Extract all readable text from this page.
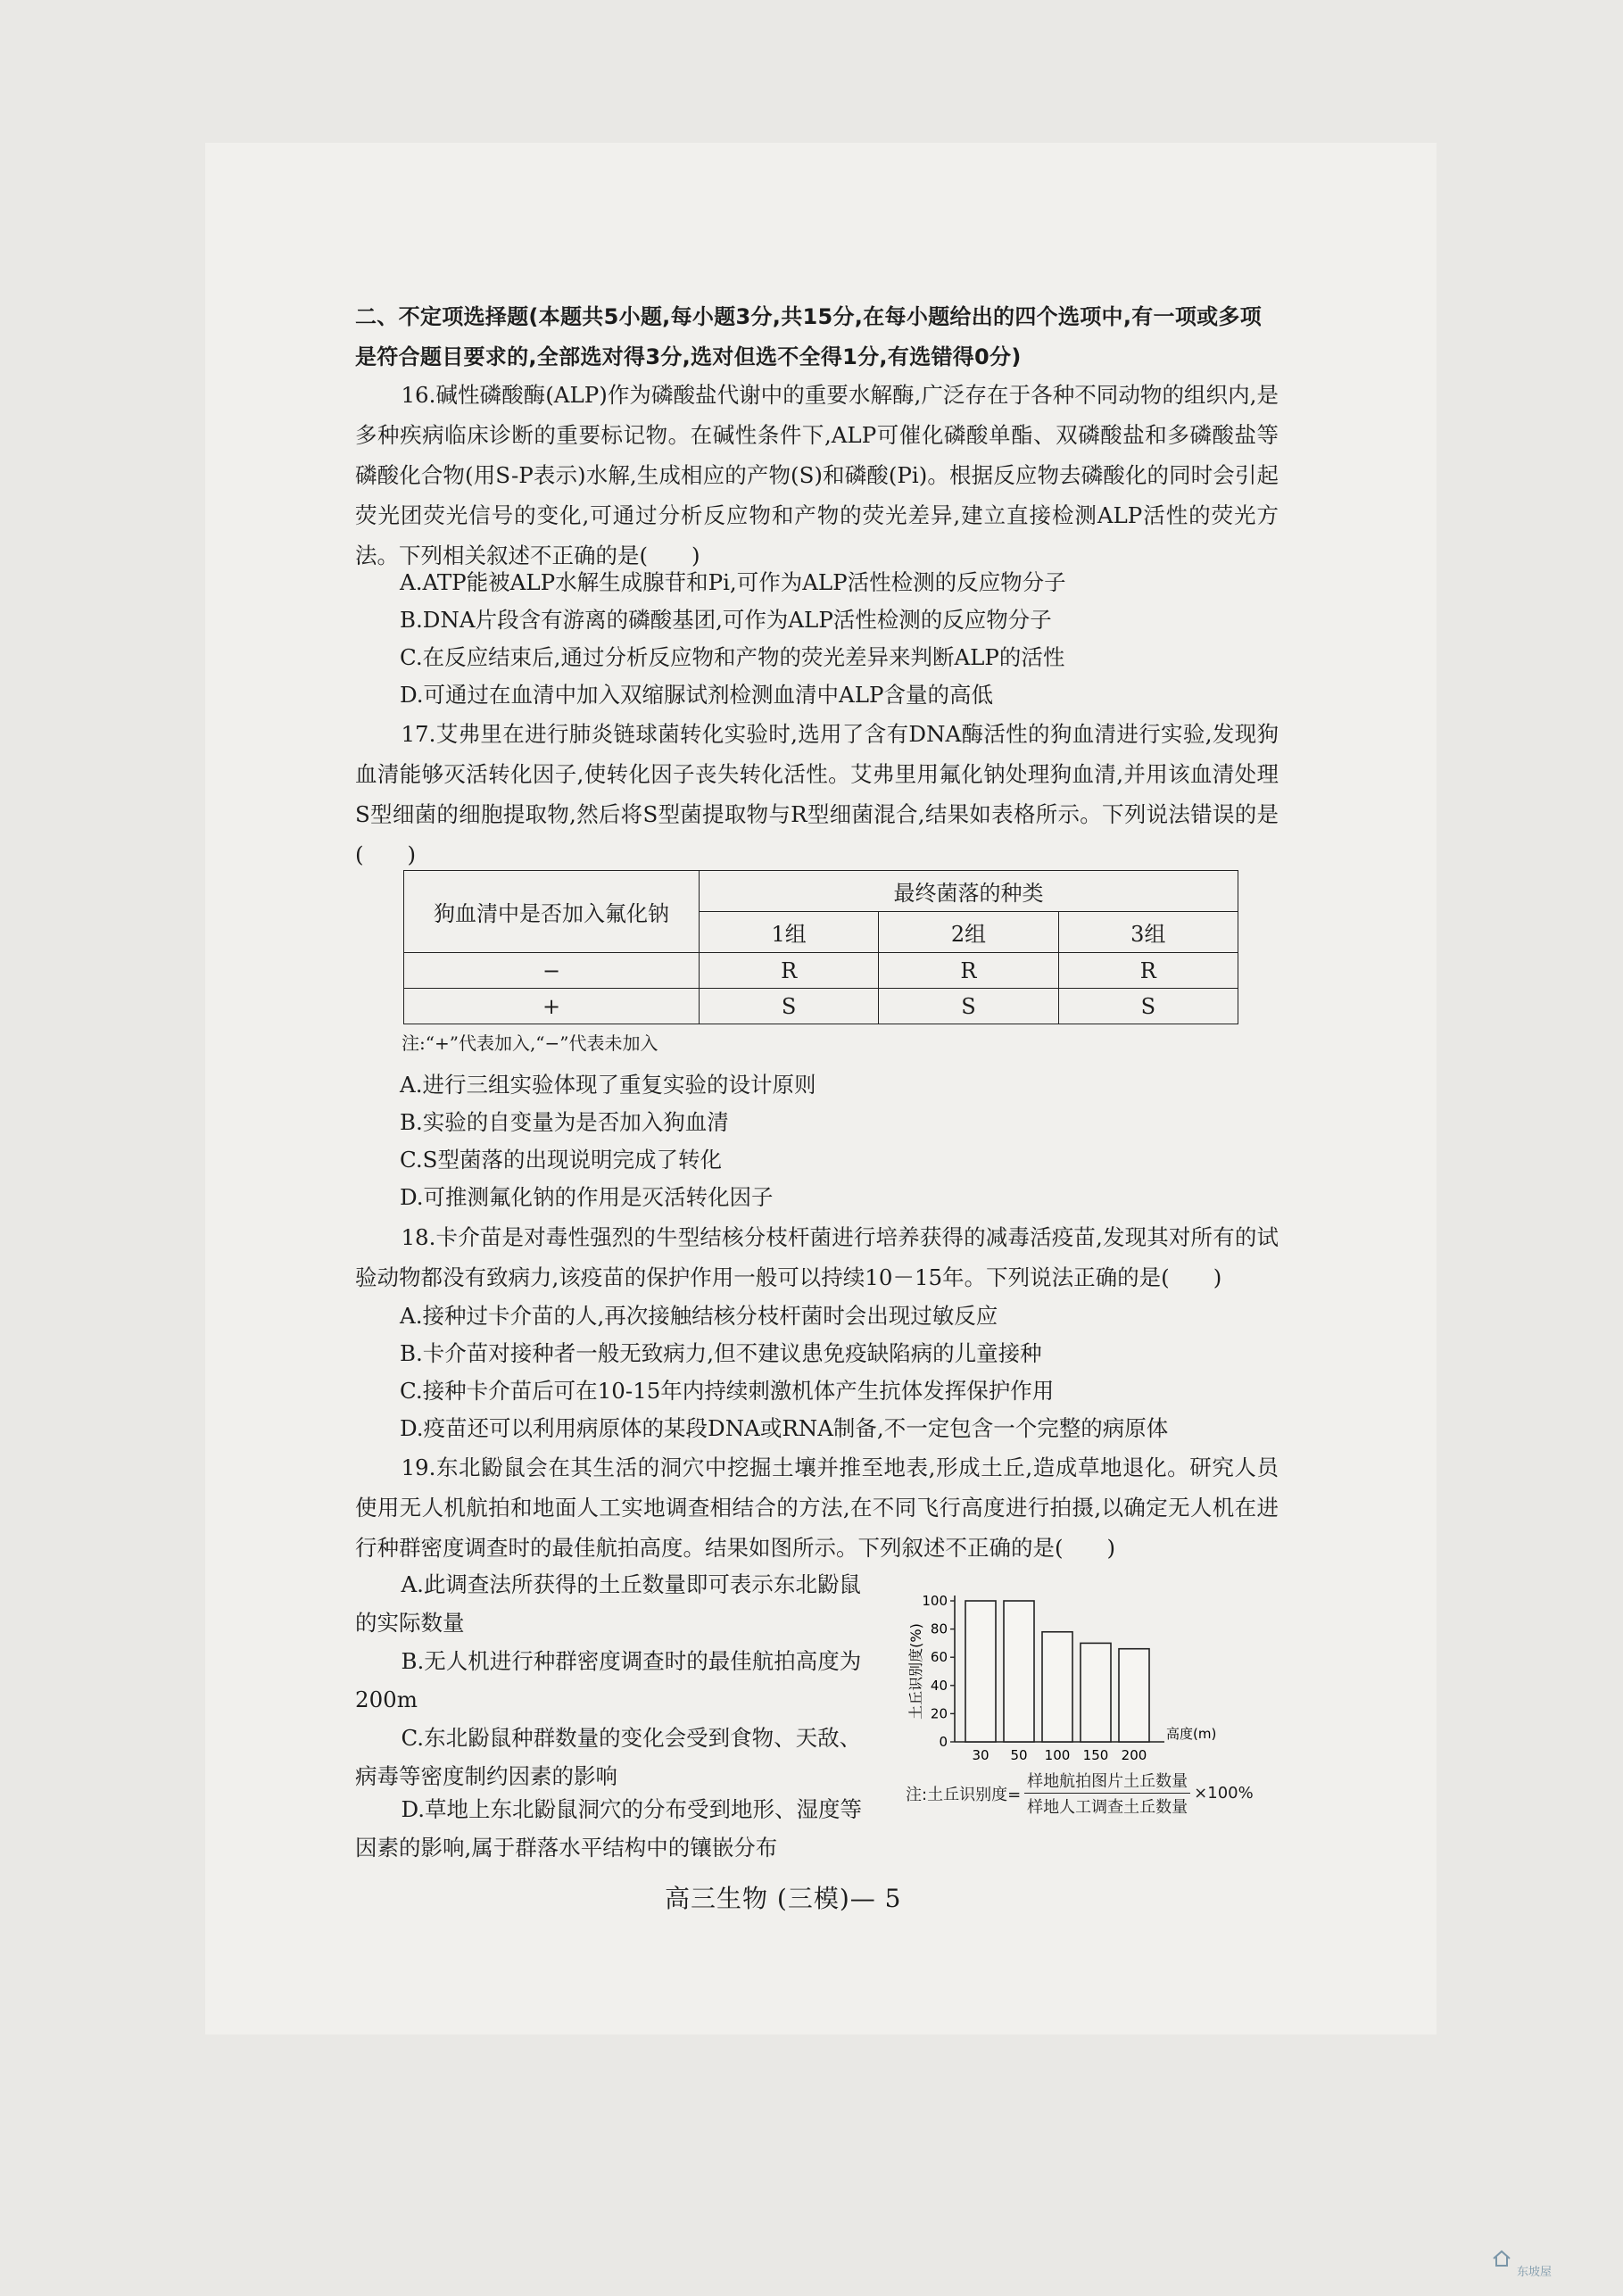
二、不定项选择题(本题共5小题,每小题3分,共15分,在每小题给出的四个选项中,有一项或多项是符合题目要求的,全部选对得3分,选对但选不全得1分,有选错得0分)
16.碱性磷酸酶(ALP)作为磷酸盐代谢中的重要水解酶,广泛存在于各种不同动物的组织内,是多种疾病临床诊断的重要标记物。在碱性条件下,ALP可催化磷酸单酯、双磷酸盐和多磷酸盐等磷酸化合物(用S-P表示)水解,生成相应的产物(S)和磷酸(Pi)。根据反应物去磷酸化的同时会引起荧光团荧光信号的变化,可通过分析反应物和产物的荧光差异,建立直接检测ALP活性的荧光方法。下列相关叙述不正确的是(　　)
A.ATP能被ALP水解生成腺苷和Pi,可作为ALP活性检测的反应物分子
B.DNA片段含有游离的磷酸基团,可作为ALP活性检测的反应物分子
C.在反应结束后,通过分析反应物和产物的荧光差异来判断ALP的活性
D.可通过在血清中加入双缩脲试剂检测血清中ALP含量的高低
17.艾弗里在进行肺炎链球菌转化实验时,选用了含有DNA酶活性的狗血清进行实验,发现狗血清能够灭活转化因子,使转化因子丧失转化活性。艾弗里用氟化钠处理狗血清,并用该血清处理S型细菌的细胞提取物,然后将S型菌提取物与R型细菌混合,结果如表格所示。下列说法错误的是(　　)
狗血清中是否加入氟化钠	最终菌落的种类		
	1组	2组	3组
−	R	R	R
+	S	S	S
注:“+”代表加入,“−”代表未加入
A.进行三组实验体现了重复实验的设计原则
B.实验的自变量为是否加入狗血清
C.S型菌落的出现说明完成了转化
D.可推测氟化钠的作用是灭活转化因子
18.卡介苗是对毒性强烈的牛型结核分枝杆菌进行培养获得的减毒活疫苗,发现其对所有的试验动物都没有致病力,该疫苗的保护作用一般可以持续10－15年。下列说法正确的是(　　)
A.接种过卡介苗的人,再次接触结核分枝杆菌时会出现过敏反应
B.卡介苗对接种者一般无致病力,但不建议患免疫缺陷病的儿童接种
C.接种卡介苗后可在10-15年内持续刺激机体产生抗体发挥保护作用
D.疫苗还可以利用病原体的某段DNA或RNA制备,不一定包含一个完整的病原体
19.东北鼢鼠会在其生活的洞穴中挖掘土壤并推至地表,形成土丘,造成草地退化。研究人员使用无人机航拍和地面人工实地调查相结合的方法,在不同飞行高度进行拍摄,以确定无人机在进行种群密度调查时的最佳航拍高度。结果如图所示。下列叙述不正确的是(　　)
A.此调查法所获得的土丘数量即可表示东北鼢鼠的实际数量
B.无人机进行种群密度调查时的最佳航拍高度为200m
C.东北鼢鼠种群数量的变化会受到食物、天敌、病毒等密度制约因素的影响
D.草地上东北鼢鼠洞穴的分布受到地形、湿度等因素的影响,属于群落水平结构中的镶嵌分布
0
20
40
60
80
100
30 50 100 150 200
土丘识别度(%)
高度(m)
注:土丘识别度= $\frac{\text{样地航拍图片土丘数量}}{\text{样地人工调查土丘数量}} \times 100\%$
高三生物 (三模)— 5
东坡屋
